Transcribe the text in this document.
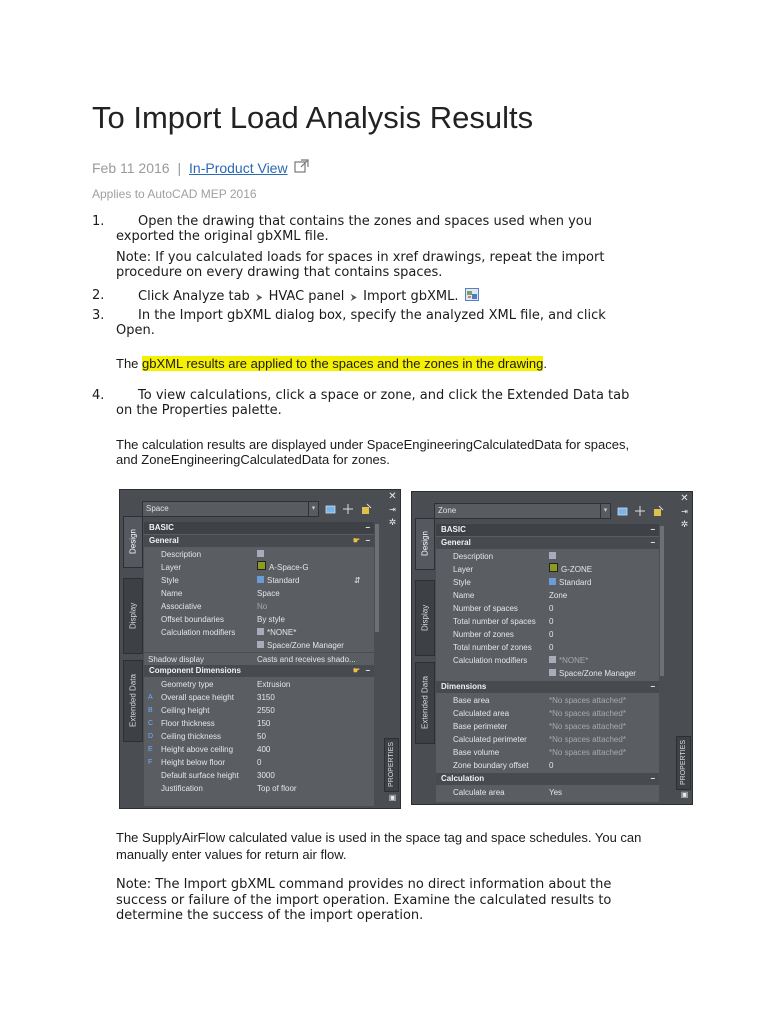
To Import Load Analysis Results
Feb 11 2016 | In-Product View
Applies to AutoCAD MEP 2016
1.	Open the drawing that contains the zones and spaces used when you
exported the original gbXML file.
Note: If you calculated loads for spaces in xref drawings, repeat the import
procedure on every drawing that contains spaces.
2.	Click Analyze tab ⮞ HVAC panel ⮞ Import gbXML.
3.	In the Import gbXML dialog box, specify the analyzed XML file, and click
Open.
The gbXML results are applied to the spaces and the zones in the drawing.
4.	To view calculations, click a space or zone, and click the Extended Data tab
on the Properties palette.
The calculation results are displayed under SpaceEngineeringCalculatedData for spaces,
and ZoneEngineeringCalculatedData for zones.
Design
Display
Extended Data
Space	▾
BASIC	−
General	☛ −
Description
Layer	A-Space-G
Style	Standard	⇵
Name	Space
Associative	No
Offset boundaries	By style
Calculation modifiers	*NONE*
Space/Zone Manager
Shadow display	Casts and receives shado...
Component Dimensions	☛ −
Geometry type	Extrusion
A Overall space height	3150
B Ceiling height	2550
C Floor thickness	150
D Ceiling thickness	50
E Height above ceiling	400
F Height below floor	0
Default surface height 3000
Justification	Top of floor
✕
⇥
✲
PROPERTIES
▣
Design
Display
Extended Data
Zone	▾
BASIC	−
General	−
Description
Layer	G-ZONE
Style	Standard
Name	Zone
Number of spaces	0
Total number of spaces 0
Number of zones	0
Total number of zones 0
Calculation modifiers	*NONE*
Space/Zone Manager
Dimensions	−
Base area	*No spaces attached*
Calculated area	*No spaces attached*
Base perimeter	*No spaces attached*
Calculated perimeter	*No spaces attached*
Base volume	*No spaces attached*
Zone boundary offset	0
Calculation	−
Calculate area	Yes
✕
⇥
✲
PROPERTIES
▣
The SupplyAirFlow calculated value is used in the space tag and space schedules. You can
manually enter values for return air flow.
Note: The Import gbXML command provides no direct information about the
success or failure of the import operation. Examine the calculated results to
determine the success of the import operation.
